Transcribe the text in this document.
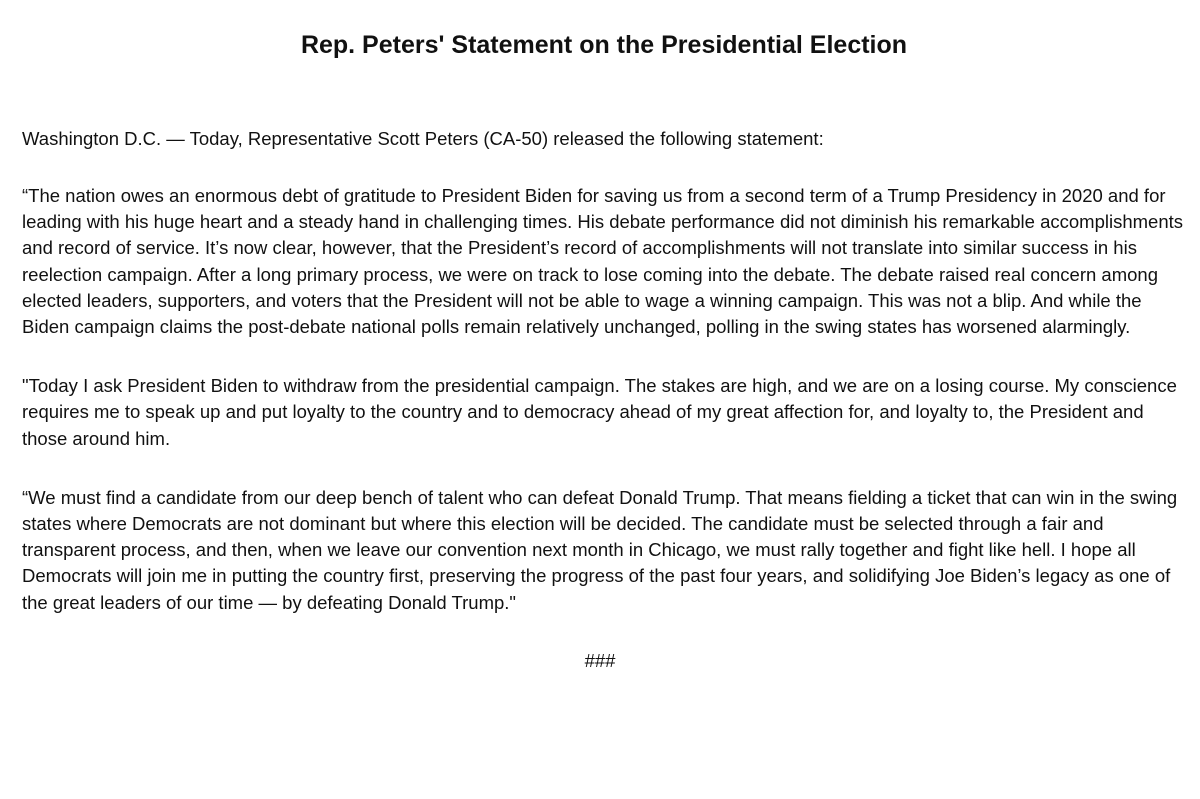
Rep. Peters' Statement on the Presidential Election

Washington D.C. — Today, Representative Scott Peters (CA-50) released the following statement:

“The nation owes an enormous debt of gratitude to President Biden for saving us from a second term of a Trump Presidency in 2020 and for leading with his huge heart and a steady hand in challenging times. His debate performance did not diminish his remarkable accomplishments and record of service. It’s now clear, however, that the President’s record of accomplishments will not translate into similar success in his reelection campaign. After a long primary process, we were on track to lose coming into the debate. The debate raised real concern among elected leaders, supporters, and voters that the President will not be able to wage a winning campaign. This was not a blip. And while the Biden campaign claims the post-debate national polls remain relatively unchanged, polling in the swing states has worsened alarmingly.

"Today I ask President Biden to withdraw from the presidential campaign. The stakes are high, and we are on a losing course. My conscience requires me to speak up and put loyalty to the country and to democracy ahead of my great affection for, and loyalty to, the President and those around him.

“We must find a candidate from our deep bench of talent who can defeat Donald Trump. That means fielding a ticket that can win in the swing states where Democrats are not dominant but where this election will be decided. The candidate must be selected through a fair and transparent process, and then, when we leave our convention next month in Chicago, we must rally together and fight like hell. I hope all Democrats will join me in putting the country first, preserving the progress of the past four years, and solidifying Joe Biden’s legacy as one of the great leaders of our time — by defeating Donald Trump."

###
